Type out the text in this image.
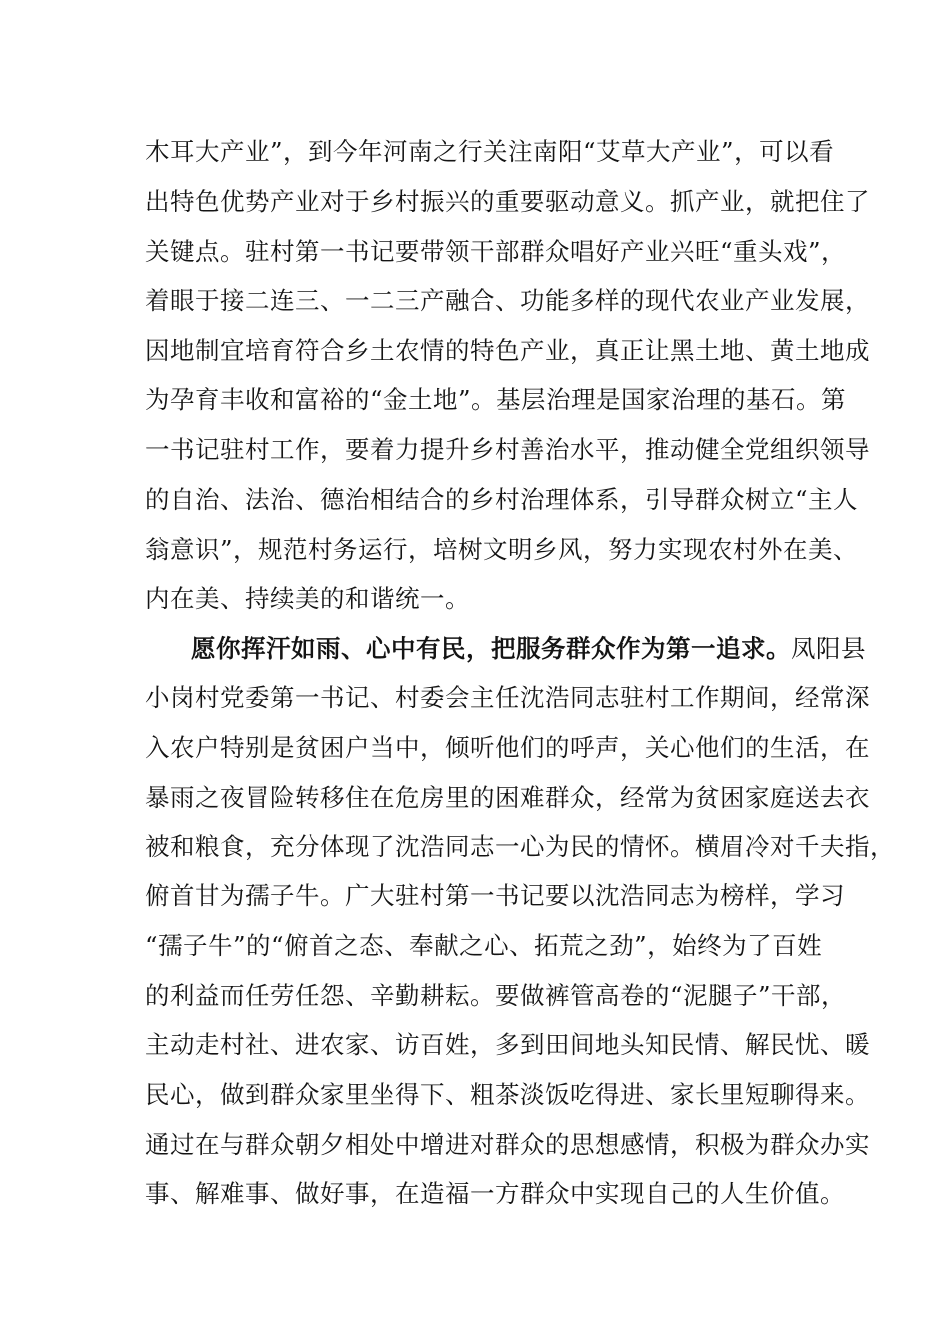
木耳大产业”，到今年河南之行关注南阳“艾草大产业”，可以看
出特色优势产业对于乡村振兴的重要驱动意义。抓产业，就把住了
关键点。驻村第一书记要带领干部群众唱好产业兴旺“重头戏”，
着眼于接二连三、一二三产融合、功能多样的现代农业产业发展，
因地制宜培育符合乡土农情的特色产业，真正让黑土地、黄土地成
为孕育丰收和富裕的“金土地”。基层治理是国家治理的基石。第
一书记驻村工作，要着力提升乡村善治水平，推动健全党组织领导
的自治、法治、德治相结合的乡村治理体系，引导群众树立“主人
翁意识”，规范村务运行，培树文明乡风，努力实现农村外在美、
内在美、持续美的和谐统一。
愿你挥汗如雨、心中有民，把服务群众作为第一追求。凤阳县
小岗村党委第一书记、村委会主任沈浩同志驻村工作期间，经常深
入农户特别是贫困户当中，倾听他们的呼声，关心他们的生活，在
暴雨之夜冒险转移住在危房里的困难群众，经常为贫困家庭送去衣
被和粮食，充分体现了沈浩同志一心为民的情怀。横眉冷对千夫指，
俯首甘为孺子牛。广大驻村第一书记要以沈浩同志为榜样，学习
“孺子牛”的“俯首之态、奉献之心、拓荒之劲”，始终为了百姓
的利益而任劳任怨、辛勤耕耘。要做裤管高卷的“泥腿子”干部，
主动走村社、进农家、访百姓，多到田间地头知民情、解民忧、暖
民心，做到群众家里坐得下、粗茶淡饭吃得进、家长里短聊得来。
通过在与群众朝夕相处中增进对群众的思想感情，积极为群众办实
事、解难事、做好事，在造福一方群众中实现自己的人生价值。
